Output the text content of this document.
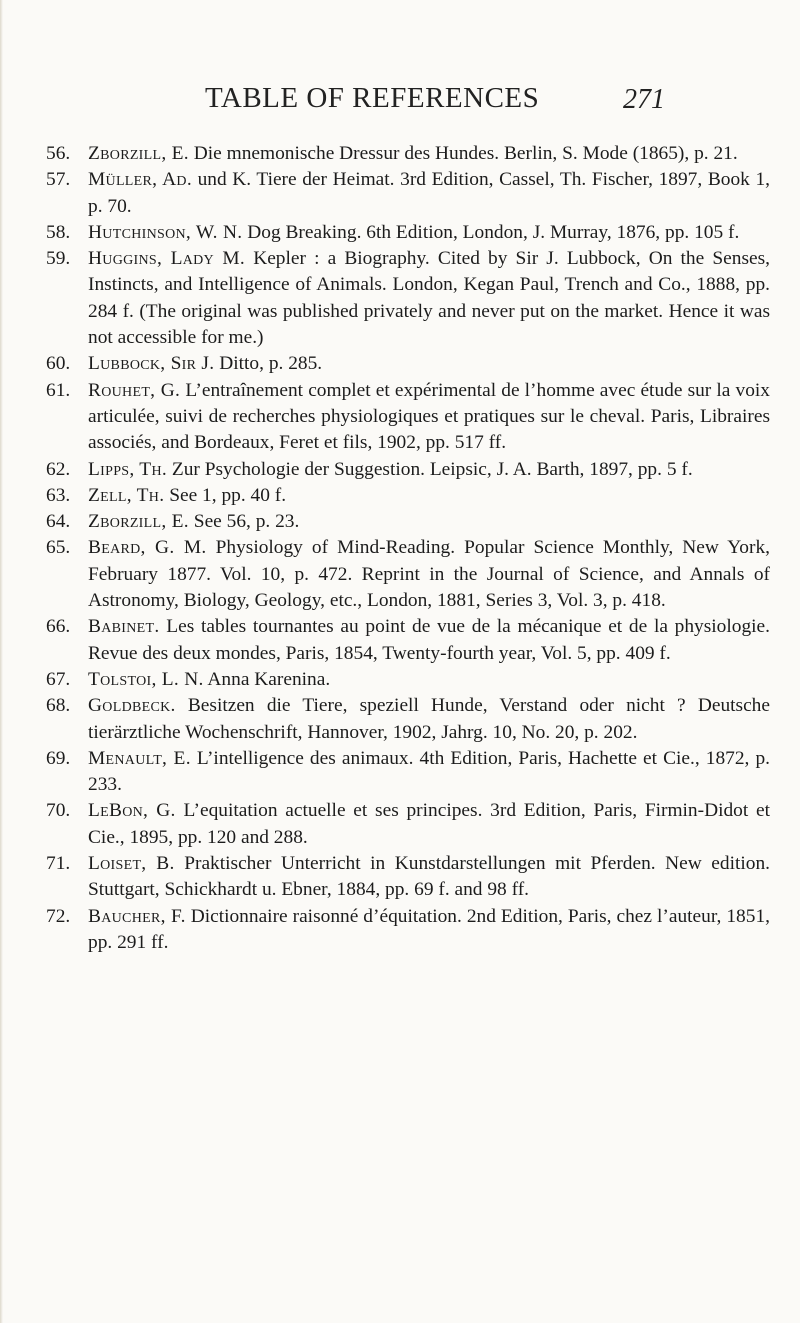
TABLE OF REFERENCES	271
56. Zborzill, E. Die mnemonische Dressur des Hundes. Berlin, S. Mode (1865), p. 21.
57. Müller, Ad. und K. Tiere der Heimat. 3rd Edition, Cassel, Th. Fischer, 1897, Book 1, p. 70.
58. Hutchinson, W. N. Dog Breaking. 6th Edition, London, J. Murray, 1876, pp. 105 f.
59. Huggins, Lady M. Kepler : a Biography. Cited by Sir J. Lubbock, On the Senses, Instincts, and Intelligence of Animals. London, Kegan Paul, Trench and Co., 1888, pp. 284 f. (The original was published privately and never put on the market. Hence it was not accessible for me.)
60. Lubbock, Sir J. Ditto, p. 285.
61. Rouhet, G. L’entraînement complet et expérimental de l’homme avec étude sur la voix articulée, suivi de recherches physiologiques et pratiques sur le cheval. Paris, Libraires associés, and Bordeaux, Feret et fils, 1902, pp. 517 ff.
62. Lipps, Th. Zur Psychologie der Suggestion. Leipsic, J. A. Barth, 1897, pp. 5 f.
63. Zell, Th. See 1, pp. 40 f.
64. Zborzill, E. See 56, p. 23.
65. Beard, G. M. Physiology of Mind-Reading. Popular Science Monthly, New York, February 1877. Vol. 10, p. 472. Reprint in the Journal of Science, and Annals of Astronomy, Biology, Geology, etc., London, 1881, Series 3, Vol. 3, p. 418.
66. Babinet. Les tables tournantes au point de vue de la mécanique et de la physiologie. Revue des deux mondes, Paris, 1854, Twenty-fourth year, Vol. 5, pp. 409 f.
67. Tolstoi, L. N. Anna Karenina.
68. Goldbeck. Besitzen die Tiere, speziell Hunde, Verstand oder nicht ? Deutsche tierärztliche Wochenschrift, Hannover, 1902, Jahrg. 10, No. 20, p. 202.
69. Menault, E. L’intelligence des animaux. 4th Edition, Paris, Hachette et Cie., 1872, p. 233.
70. LeBon, G. L’equitation actuelle et ses principes. 3rd Edition, Paris, Firmin-Didot et Cie., 1895, pp. 120 and 288.
71. Loiset, B. Praktischer Unterricht in Kunstdarstellungen mit Pferden. New edition. Stuttgart, Schickhardt u. Ebner, 1884, pp. 69 f. and 98 ff.
72. Baucher, F. Dictionnaire raisonné d’équitation. 2nd Edition, Paris, chez l’auteur, 1851, pp. 291 ff.
